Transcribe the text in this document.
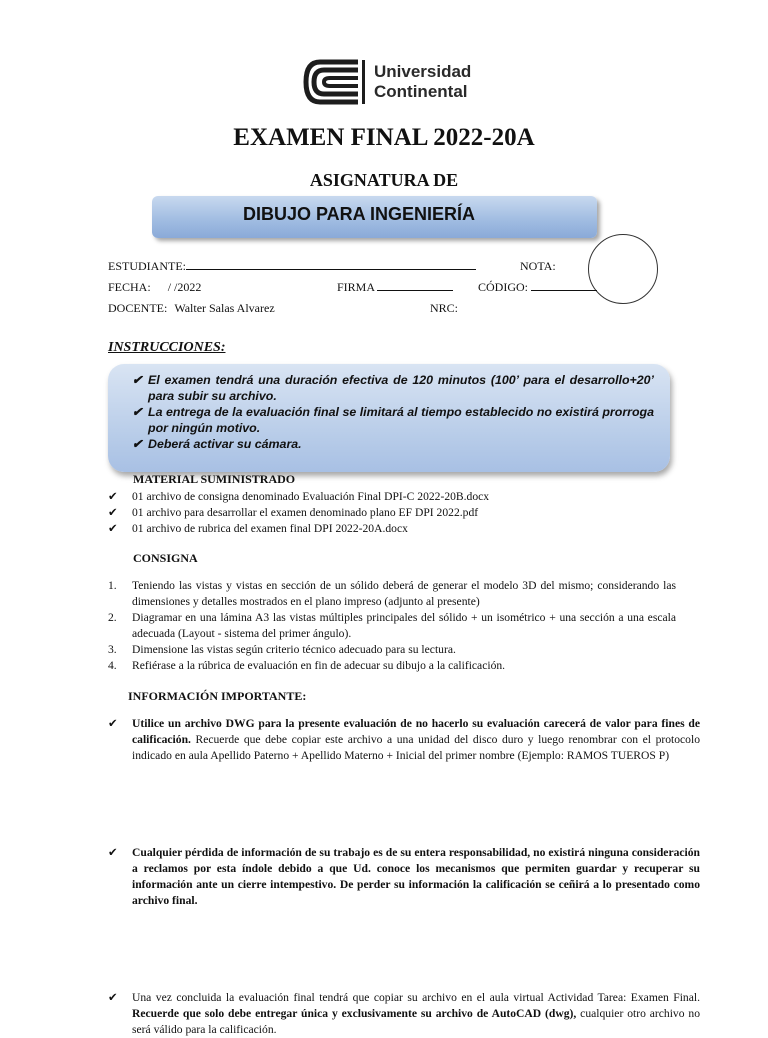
Universidad
Continental
EXAMEN FINAL 2022-20A
ASIGNATURA DE
DIBUJO PARA INGENIERÍA
ESTUDIANTE:	NOTA:
FECHA: / /2022	FIRMA	CÓDIGO:
DOCENTE: Walter Salas Alvarez	NRC:
INSTRUCCIONES:
✔ El examen tendrá una duración efectiva de 120 minutos (100’ para el desarrollo+20’ para subir su archivo.
✔ La entrega de la evaluación final se limitará al tiempo establecido no existirá prorroga por ningún motivo.
✔ Deberá activar su cámara.
MATERIAL SUMINISTRADO
✔ 01 archivo de consigna denominado Evaluación Final DPI-C 2022-20B.docx
✔ 01 archivo para desarrollar el examen denominado plano EF DPI 2022.pdf
✔ 01 archivo de rubrica del examen final DPI 2022-20A.docx
CONSIGNA
1. Teniendo las vistas y vistas en sección de un sólido deberá de generar el modelo 3D del mismo; considerando las dimensiones y detalles mostrados en el plano impreso (adjunto al presente)
2. Diagramar en una lámina A3 las vistas múltiples principales del sólido + un isométrico + una sección a una escala adecuada (Layout - sistema del primer ángulo).
3. Dimensione las vistas según criterio técnico adecuado para su lectura.
4. Refiérase a la rúbrica de evaluación en fin de adecuar su dibujo a la calificación.
INFORMACIÓN IMPORTANTE:
✔ Utilice un archivo DWG para la presente evaluación de no hacerlo su evaluación carecerá de valor para fines de calificación. Recuerde que debe copiar este archivo a una unidad del disco duro y luego renombrar con el protocolo indicado en aula Apellido Paterno + Apellido Materno + Inicial del primer nombre (Ejemplo: RAMOS TUEROS P)
✔ Cualquier pérdida de información de su trabajo es de su entera responsabilidad, no existirá ninguna consideración a reclamos por esta índole debido a que Ud. conoce los mecanismos que permiten guardar y recuperar su información ante un cierre intempestivo. De perder su información la calificación se ceñirá a lo presentado como archivo final.
✔ Una vez concluida la evaluación final tendrá que copiar su archivo en el aula virtual Actividad Tarea: Examen Final. Recuerde que solo debe entregar única y exclusivamente su archivo de AutoCAD (dwg), cualquier otro archivo no será válido para la calificación.
